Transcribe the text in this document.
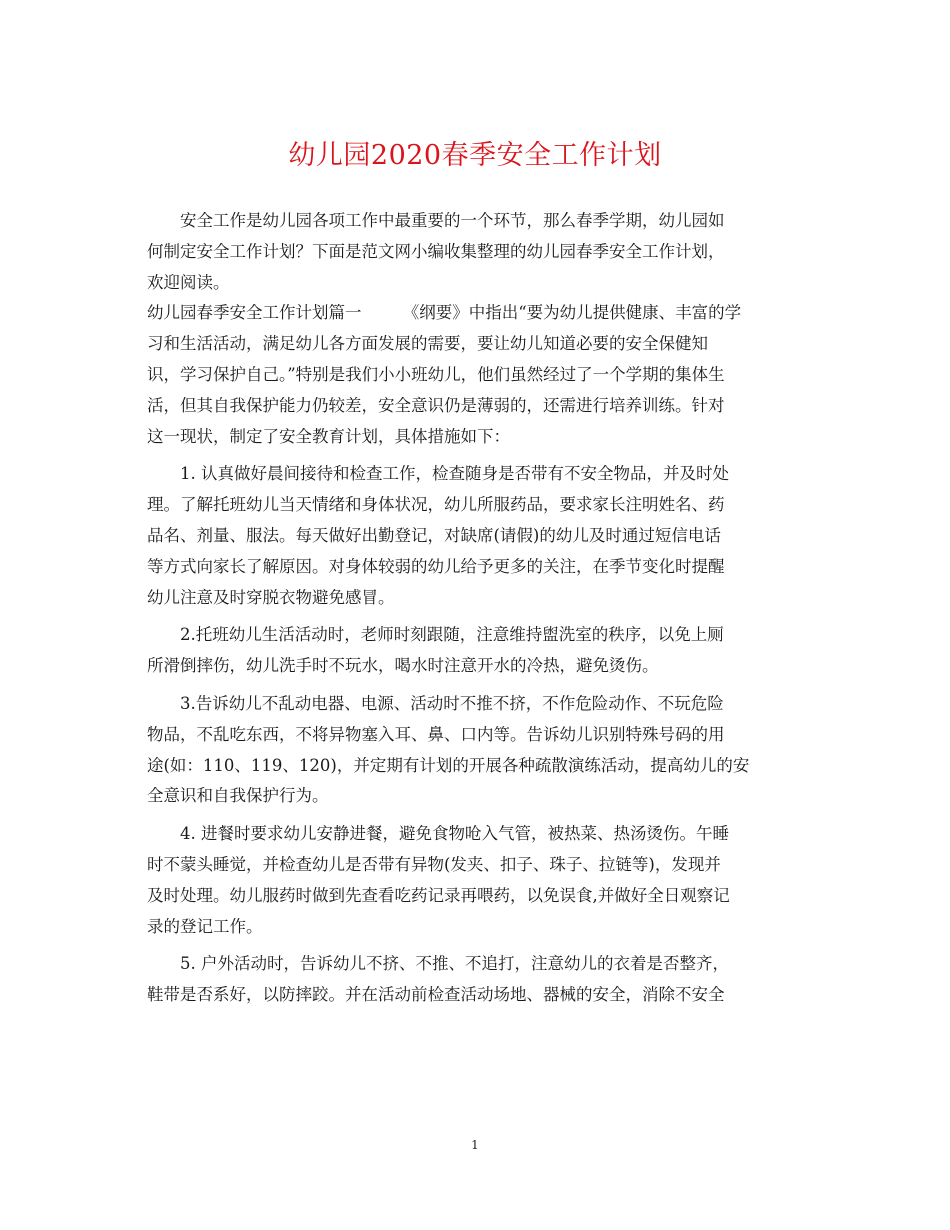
幼儿园2020春季安全工作计划
　　安全工作是幼儿园各项工作中最重要的一个环节，那么春季学期，幼儿园如
何制定安全工作计划？下面是范文网小编收集整理的幼儿园春季安全工作计划，
欢迎阅读。
幼儿园春季安全工作计划篇一　　　《纲要》中指出“要为幼儿提供健康、丰富的学
习和生活活动，满足幼儿各方面发展的需要，要让幼儿知道必要的安全保健知
识，学习保护自己。”特别是我们小小班幼儿，他们虽然经过了一个学期的集体生
活，但其自我保护能力仍较差，安全意识仍是薄弱的，还需进行培养训练。针对
这一现状，制定了安全教育计划，具体措施如下：
　　1. 认真做好晨间接待和检查工作，检查随身是否带有不安全物品，并及时处
理。了解托班幼儿当天情绪和身体状况，幼儿所服药品，要求家长注明姓名、药
品名、剂量、服法。每天做好出勤登记，对缺席(请假)的幼儿及时通过短信电话
等方式向家长了解原因。对身体较弱的幼儿给予更多的关注，在季节变化时提醒
幼儿注意及时穿脱衣物避免感冒。
　　2.托班幼儿生活活动时，老师时刻跟随，注意维持盥洗室的秩序，以免上厕
所滑倒摔伤，幼儿洗手时不玩水，喝水时注意开水的冷热，避免烫伤。
　　3.告诉幼儿不乱动电器、电源、活动时不推不挤，不作危险动作、不玩危险
物品，不乱吃东西，不将异物塞入耳、鼻、口内等。告诉幼儿识别特殊号码的用
途(如：110、119、120)，并定期有计划的开展各种疏散演练活动，提高幼儿的安
全意识和自我保护行为。
　　4. 进餐时要求幼儿安静进餐，避免食物呛入气管，被热菜、热汤烫伤。午睡
时不蒙头睡觉，并检查幼儿是否带有异物(发夹、扣子、珠子、拉链等)，发现并
及时处理。幼儿服药时做到先查看吃药记录再喂药，以免误食,并做好全日观察记
录的登记工作。
　　5. 户外活动时，告诉幼儿不挤、不推、不追打，注意幼儿的衣着是否整齐，
鞋带是否系好，以防摔跤。并在活动前检查活动场地、器械的安全，消除不安全
1
